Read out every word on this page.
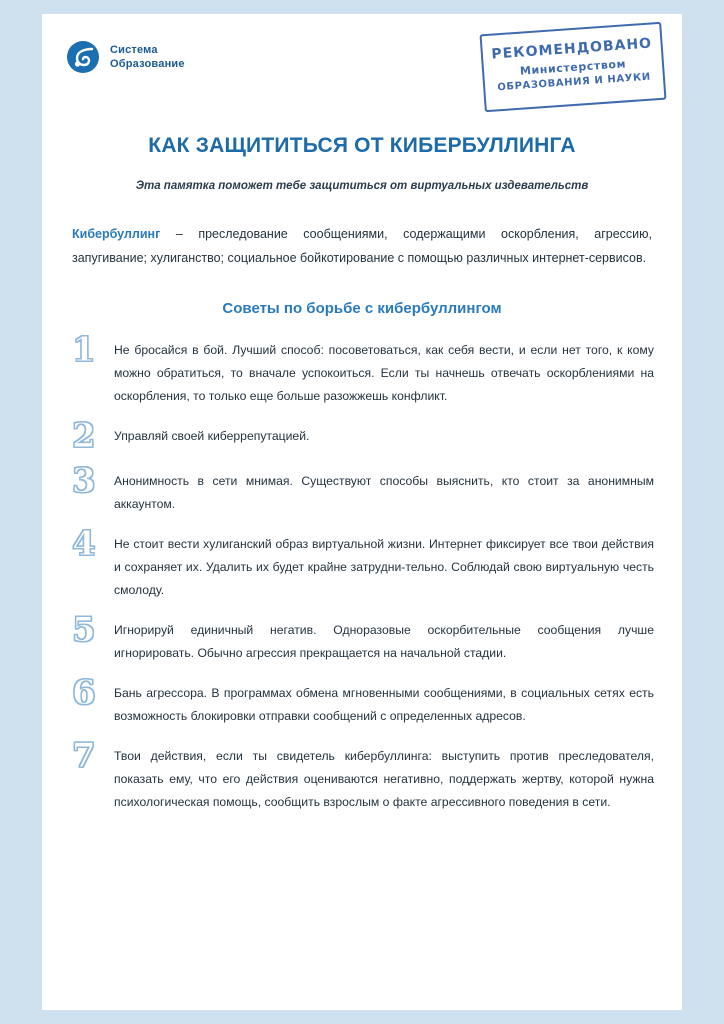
Система
Образование
РЕКОМЕНДОВАНО
Министерством
ОБРАЗОВАНИЯ И НАУКИ
КАК ЗАЩИТИТЬСЯ ОТ КИБЕРБУЛЛИНГА
Эта памятка поможет тебе защититься от виртуальных издевательств

Кибербуллинг – преследование сообщениями, содержащими оскорбления, агрессию, запугивание; хулиганство; социальное бойкотирование с помощью различных интернет-сервисов.

Советы по борьбе с кибербуллингом
1	Не бросайся в бой. Лучший способ: посоветоваться, как себя вести, и если нет того, к кому можно обратиться, то вначале успокоиться. Если ты начнешь отвечать оскорблениями на оскорбления, то только еще больше разожжешь конфликт.
2	Управляй своей киберрепутацией.
3	Анонимность в сети мнимая. Существуют способы выяснить, кто стоит за анонимным аккаунтом.
4	Не стоит вести хулиганский образ виртуальной жизни. Интернет фиксирует все твои действия и сохраняет их. Удалить их будет крайне затрудни-тельно. Соблюдай свою виртуальную честь смолоду.
5	Игнорируй единичный негатив. Одноразовые оскорбительные сообщения лучше игнорировать. Обычно агрессия прекращается на начальной стадии.
6	Бань агрессора. В программах обмена мгновенными сообщениями, в социальных сетях есть возможность блокировки отправки сообщений с определенных адресов.
7	Твои действия, если ты свидетель кибербуллинга: выступить против преследователя, показать ему, что его действия оцениваются негативно, поддержать жертву, которой нужна психологическая помощь, сообщить взрослым о факте агрессивного поведения в сети.
